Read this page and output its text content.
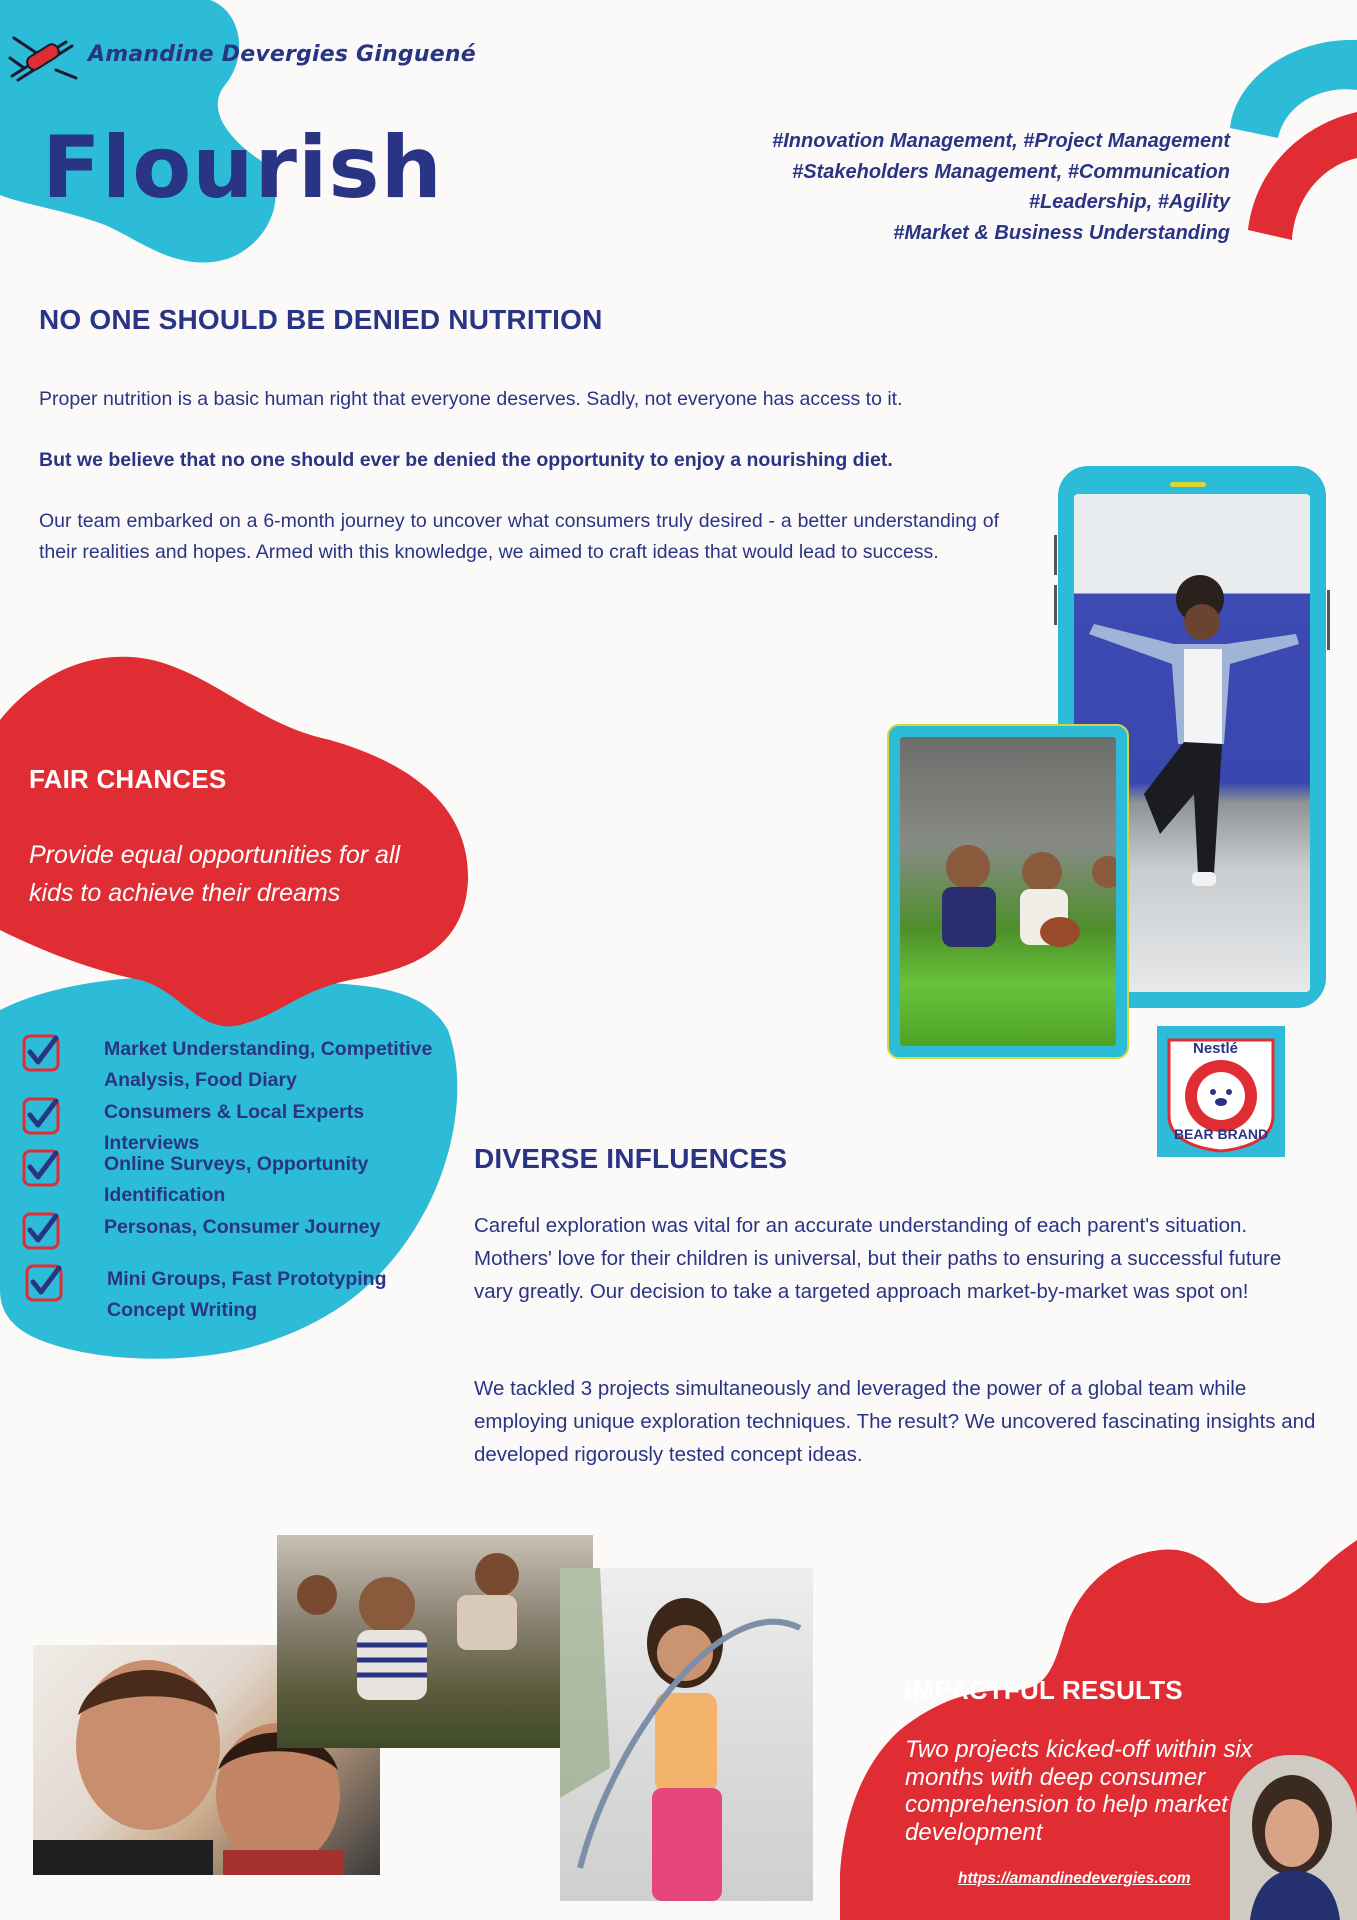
Amandine Devergies Ginguené
Flourish	#Innovation Management, #Project Management
#Stakeholders Management, #Communication
#Leadership, #Agility
#Market & Business Understanding
NO ONE SHOULD BE DENIED NUTRITION
Proper nutrition is a basic human right that everyone deserves. Sadly, not everyone has access to it.
But we believe that no one should ever be denied the opportunity to enjoy a nourishing diet.
Our team embarked on a 6-month journey to uncover what consumers truly desired - a better understanding of their realities and hopes. Armed with this knowledge, we aimed to craft ideas that would lead to success.
Nestlé
BEAR BRAND
FAIR CHANCES
Provide equal opportunities for all kids to achieve their dreams
Market Understanding, Competitive Analysis, Food Diary
Consumers & Local Experts Interviews
Online Surveys, Opportunity Identification
Personas, Consumer Journey
Mini Groups, Fast Prototyping Concept Writing
DIVERSE INFLUENCES
Careful exploration was vital for an accurate understanding of each parent's situation. Mothers' love for their children is universal, but their paths to ensuring a successful future vary greatly. Our decision to take a targeted approach market-by-market was spot on!
We tackled 3 projects simultaneously and leveraged the power of a global team while employing unique exploration techniques. The result? We uncovered fascinating insights and developed rigorously tested concept ideas.
IMPACTFUL RESULTS
Two projects kicked-off within six months with deep consumer comprehension to help market development
https://amandinedevergies.com
